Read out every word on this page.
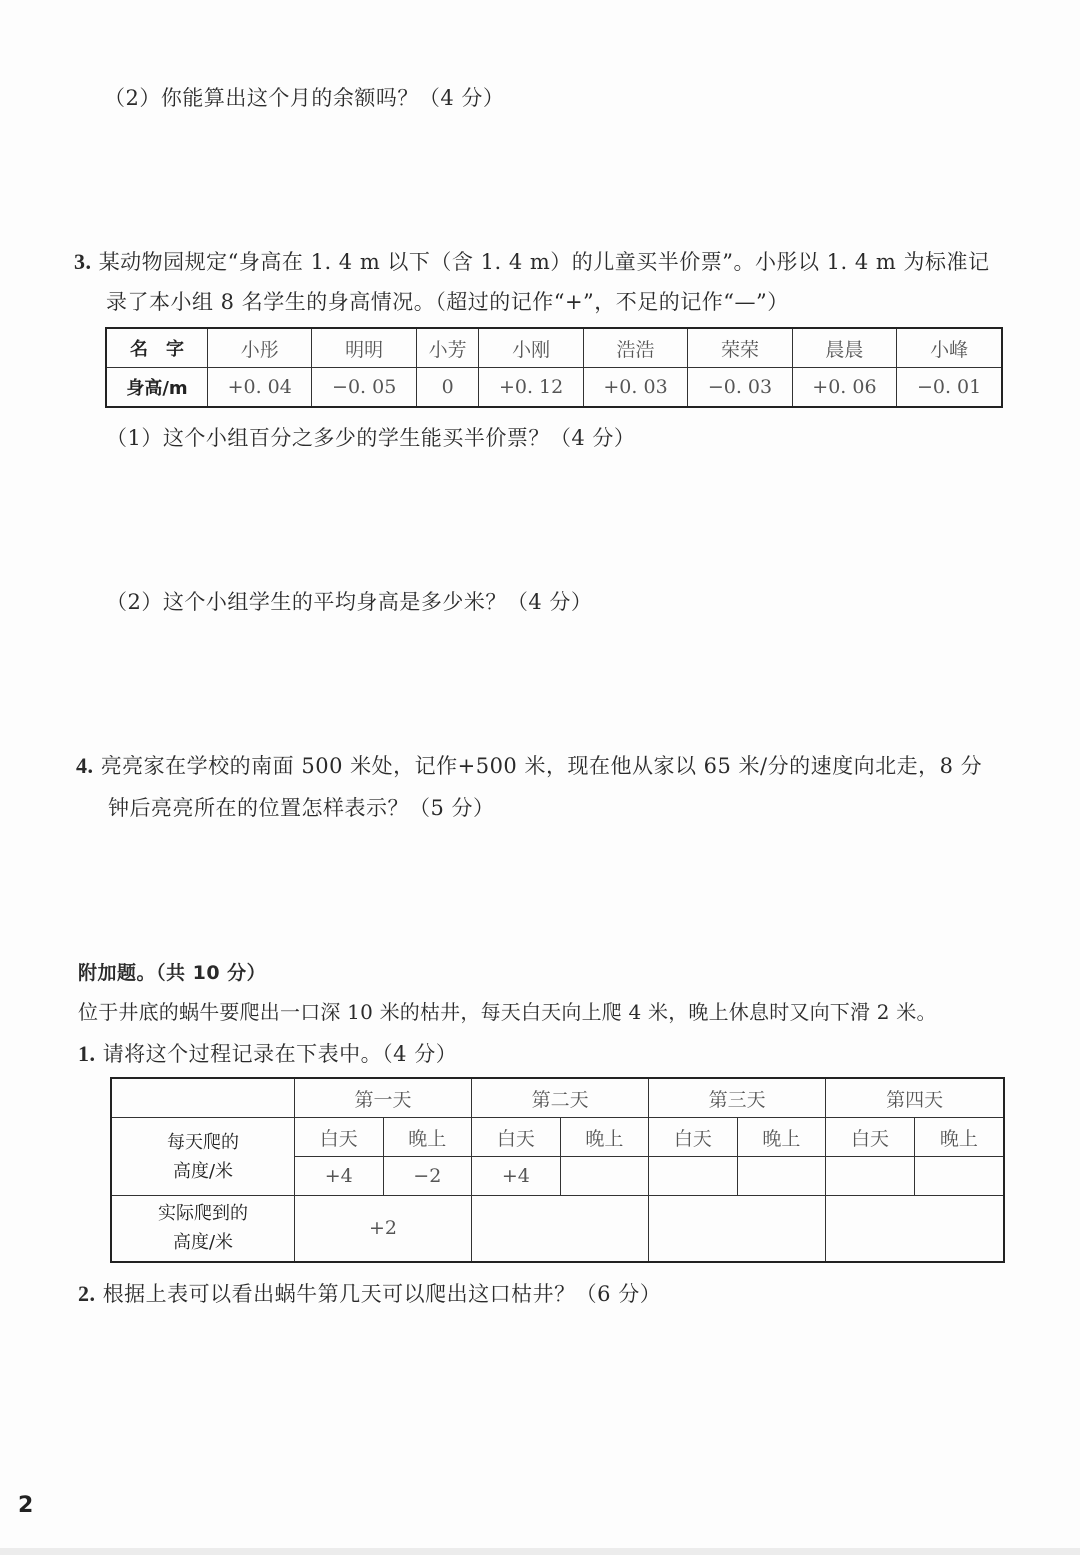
（2）你能算出这个月的余额吗？（4 分）
3. 某动物园规定“身高在 1. 4 m 以下（含 1. 4 m）的儿童买半价票”。小彤以 1. 4 m 为标准记
录了本小组 8 名学生的身高情况。（超过的记作“+”，不足的记作“—”）
名　字	小彤	明明	小芳	小刚	浩浩	荣荣	晨晨	小峰
身高/m	+0. 04	−0. 05	0	+0. 12	+0. 03	−0. 03	+0. 06	−0. 01
（1）这个小组百分之多少的学生能买半价票？（4 分）
（2）这个小组学生的平均身高是多少米？（4 分）
4. 亮亮家在学校的南面 500 米处，记作+500 米，现在他从家以 65 米/分的速度向北走，8 分
钟后亮亮所在的位置怎样表示？（5 分）
附加题。（共 10 分）
位于井底的蜗牛要爬出一口深 10 米的枯井，每天白天向上爬 4 米，晚上休息时又向下滑 2 米。
1. 请将这个过程记录在下表中。（4 分）
	第一天		第二天		第三天		第四天	

每天爬的
高度/米	白天	晚上	白天	晚上	白天	晚上	白天	晚上
	+4	−2	+4					

实际爬到的
高度/米	+2							
2. 根据上表可以看出蜗牛第几天可以爬出这口枯井？（6 分）
2
